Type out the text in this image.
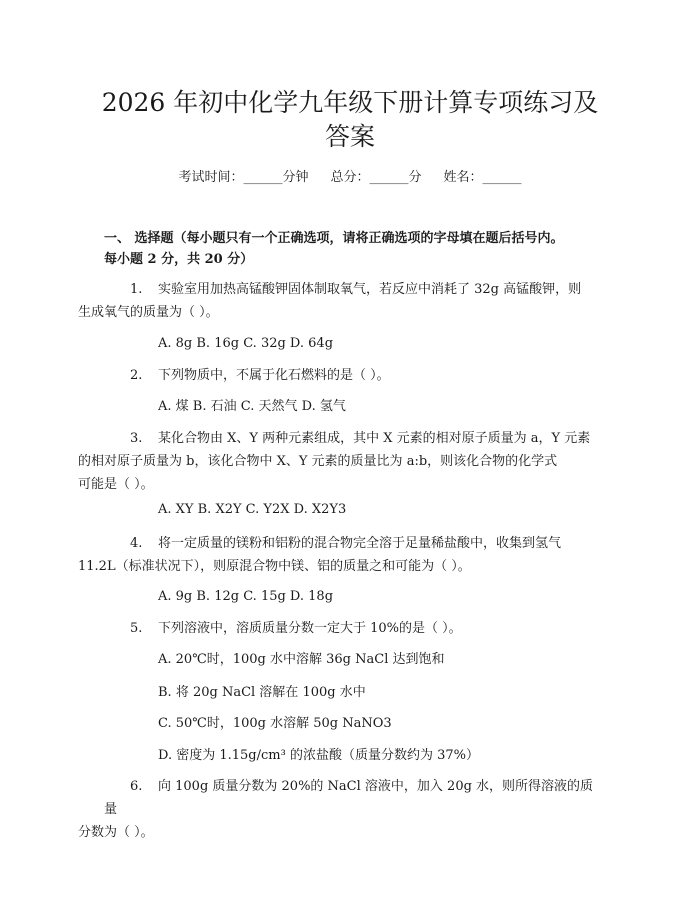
2026 年初中化学九年级下册计算专项练习及
答案
考试时间：______分钟 总分：______分 姓名：______

一、 选择题（每小题只有一个正确选项，请将正确选项的字母填在题后括号内。
每小题 2 分，共 20 分）

1. 实验室用加热高锰酸钾固体制取氧气，若反应中消耗了 32g 高锰酸钾，则
生成氧气的质量为（ ）。

A. 8g B. 16g C. 32g D. 64g

2. 下列物质中，不属于化石燃料的是（ ）。

A. 煤 B. 石油 C. 天然气 D. 氢气

3. 某化合物由 X、Y 两种元素组成，其中 X 元素的相对原子质量为 a，Y 元素
的相对原子质量为 b，该化合物中 X、Y 元素的质量比为 a:b，则该化合物的化学式
可能是（ ）。

A. XY B. X2Y C. Y2X D. X2Y3

4. 将一定质量的镁粉和铝粉的混合物完全溶于足量稀盐酸中，收集到氢气
11.2L（标准状况下），则原混合物中镁、铝的质量之和可能为（ ）。

A. 9g B. 12g C. 15g D. 18g

5. 下列溶液中，溶质质量分数一定大于 10%的是（ ）。

A. 20℃时，100g 水中溶解 36g NaCl 达到饱和

B. 将 20g NaCl 溶解在 100g 水中

C. 50℃时，100g 水溶解 50g NaNO3

D. 密度为 1.15g/cm³ 的浓盐酸（质量分数约为 37%）

6. 向 100g 质量分数为 20%的 NaCl 溶液中，加入 20g 水，则所得溶液的质量
分数为（ ）。
